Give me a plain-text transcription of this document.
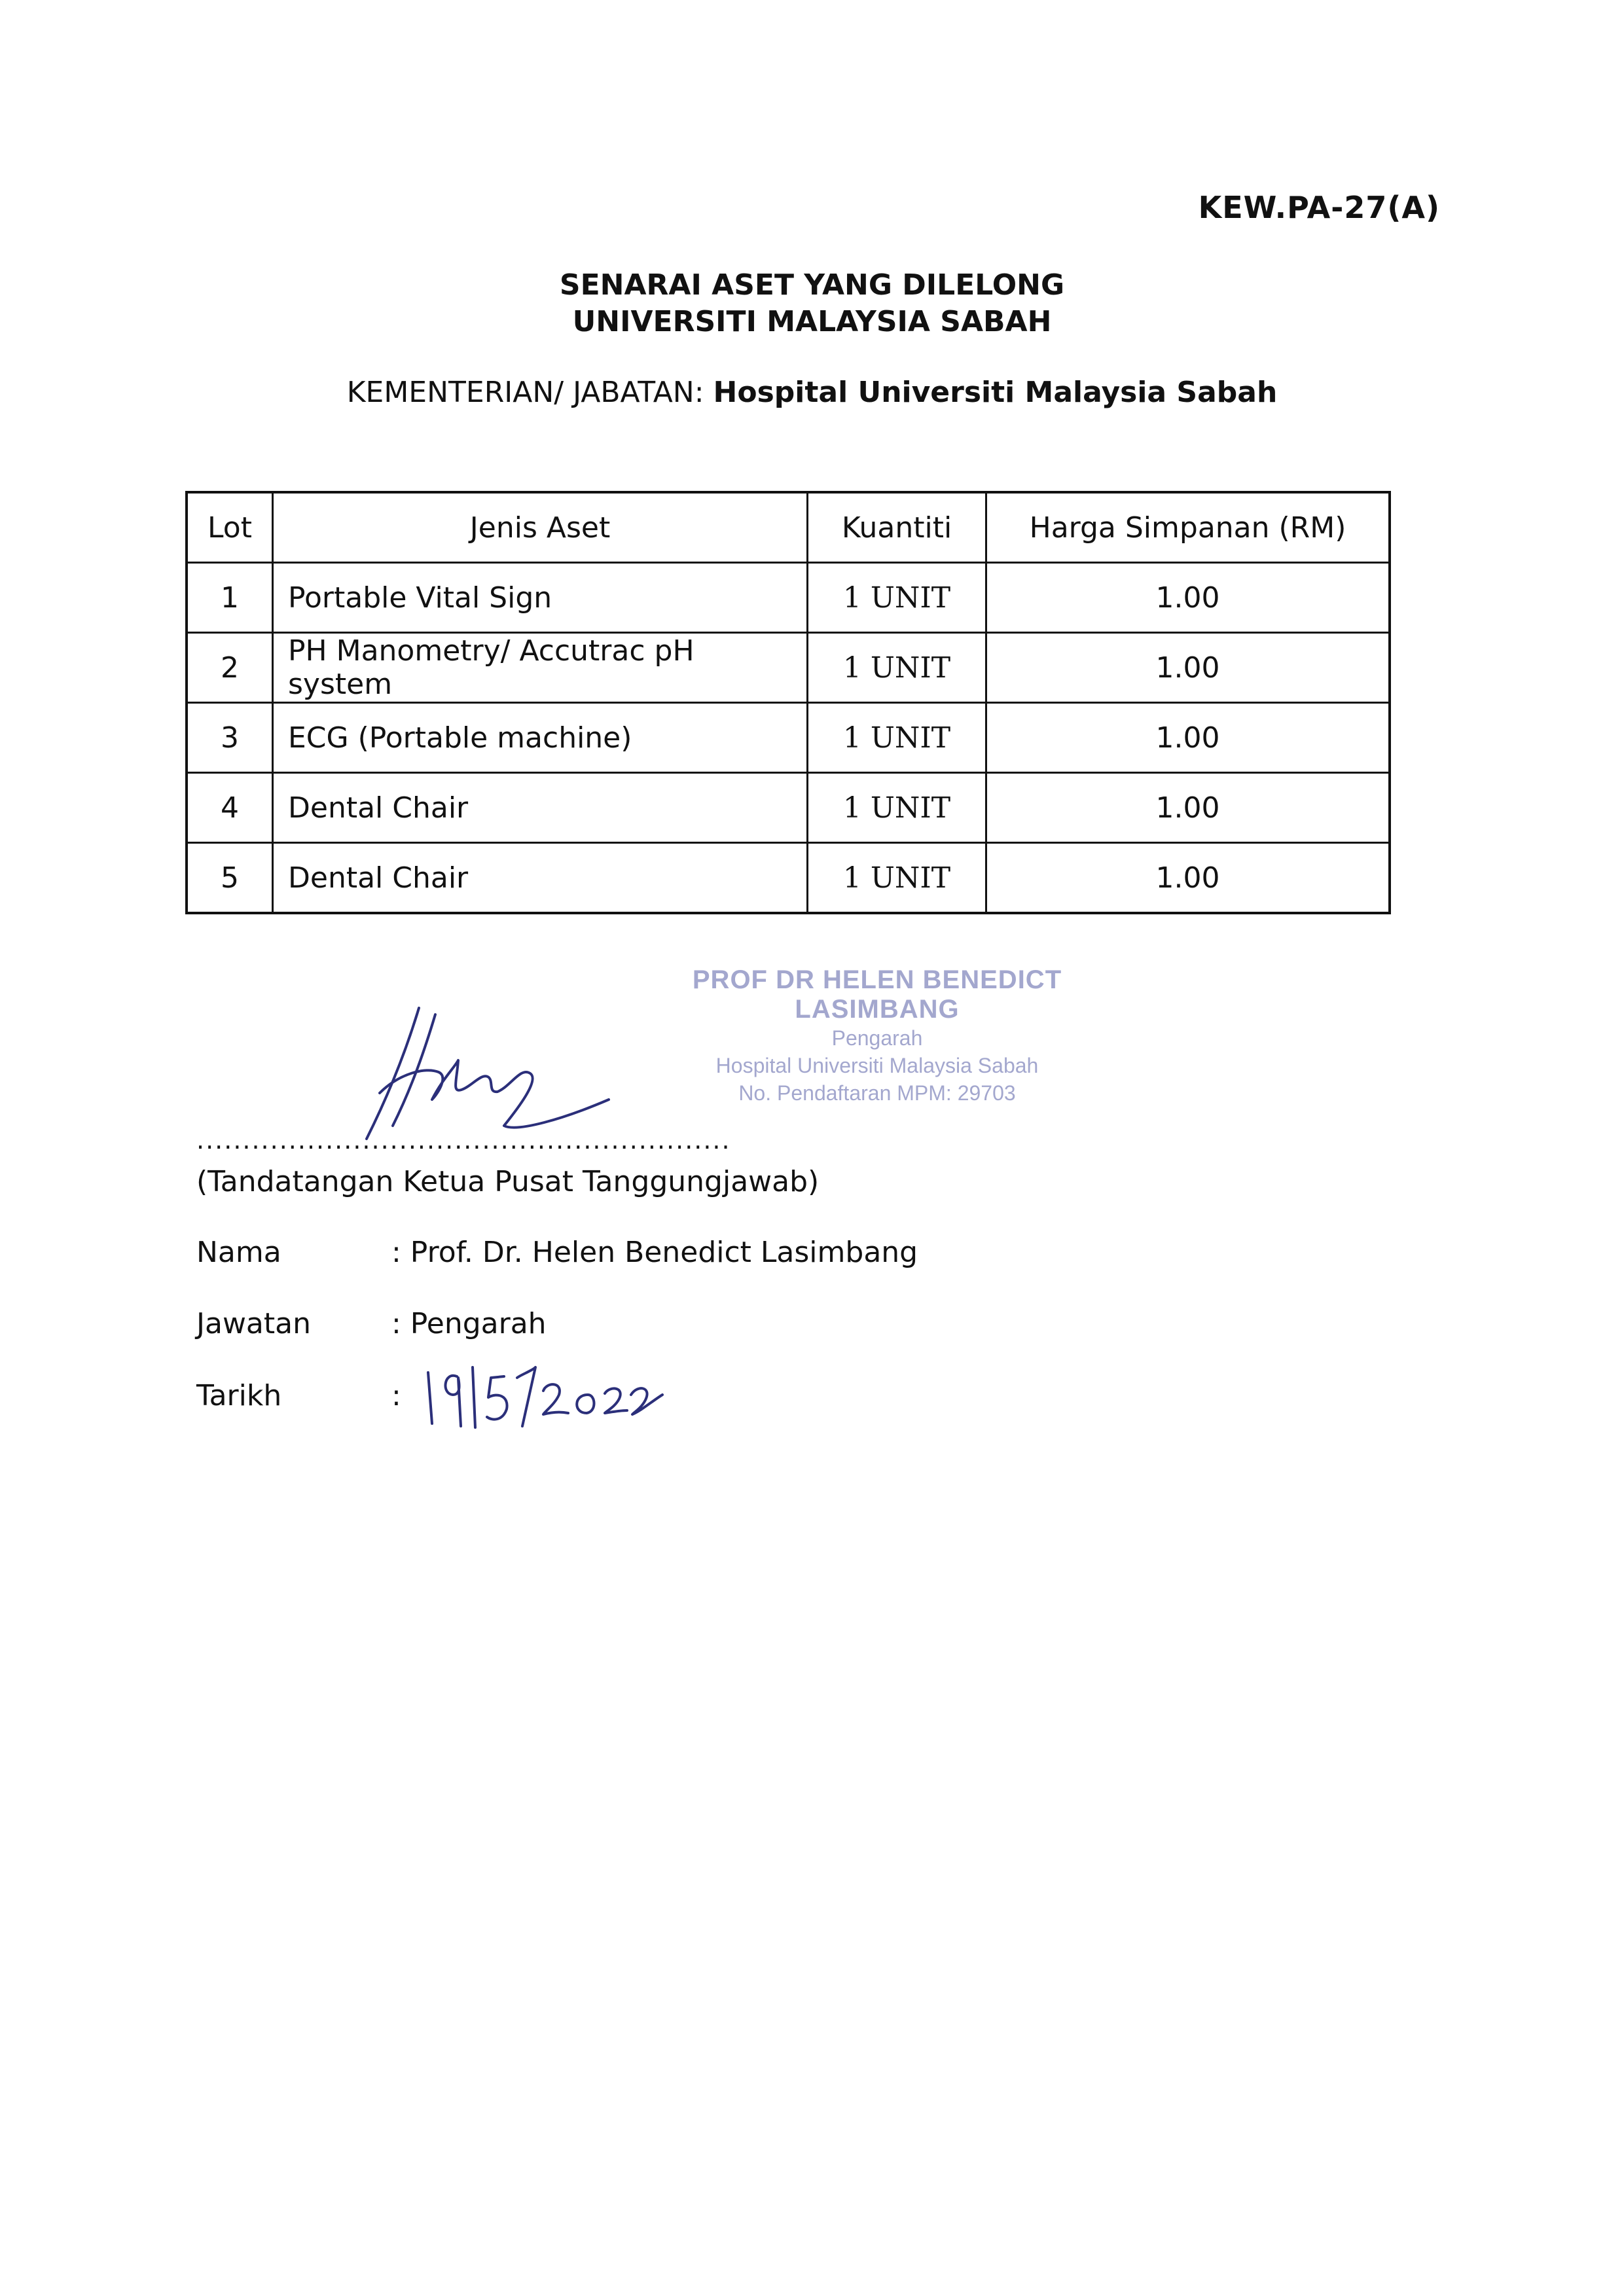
KEW.PA-27(A)
SENARAI ASET YANG DILELONG
UNIVERSITI MALAYSIA SABAH
KEMENTERIAN/ JABATAN: Hospital Universiti Malaysia Sabah
Lot	Jenis Aset	Kuantiti	Harga Simpanan (RM)
1	Portable Vital Sign	1 UNIT	1.00
2	PH Manometry/ Accutrac pH system	1 UNIT	1.00
3	ECG (Portable machine)	1 UNIT	1.00
4	Dental Chair	1 UNIT	1.00
5	Dental Chair	1 UNIT	1.00
PROF DR HELEN BENEDICT LASIMBANG
Pengarah
Hospital Universiti Malaysia Sabah
No. Pendaftaran MPM: 29703
..........................................................
(Tandatangan Ketua Pusat Tanggungjawab)
Nama	: Prof. Dr. Helen Benedict Lasimbang
Jawatan	: Pengarah
Tarikh	:
